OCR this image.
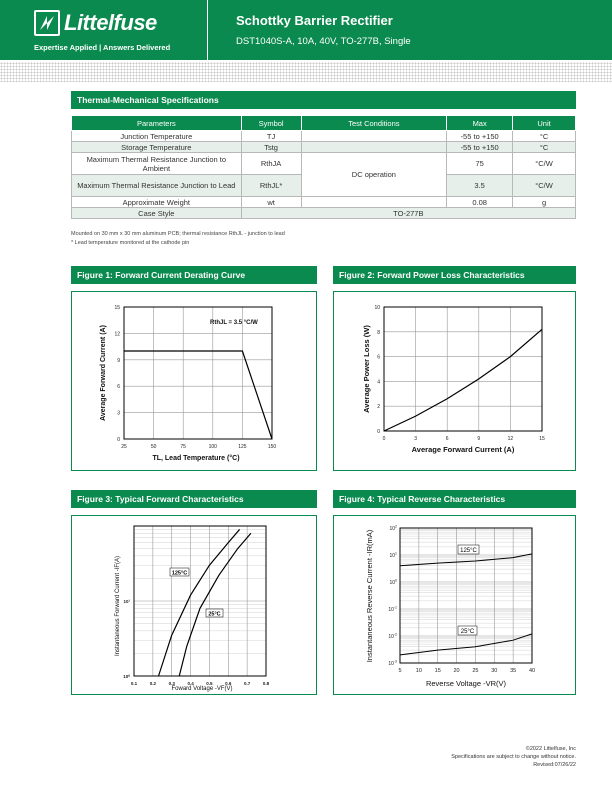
Littelfuse
Expertise Applied | Answers Delivered
Schottky Barrier Rectifier
DST1040S-A, 10A, 40V, TO-277B, Single
Thermal-Mechanical Specifications
Parameters	Symbol	Test Conditions	Max	Unit
Junction Temperature	TJ		-55 to +150	°C
Storage Temperature	Tstg		-55 to +150	°C
Maximum Thermal Resistance Junction to Ambient	RthJA	DC operation	75	°C/W
Maximum Thermal Resistance Junction to Lead	RthJL*		3.5	°C/W
Approximate Weight	wt		0.08	g
Case Style	TO-277B			
Mounted on 30 mm x 30 mm aluminum PCB; thermal resistance RthJL - junction to lead
* Lead temperature monitored at the cathode pin
Figure 1: Forward Current Derating Curve	Figure 2: Forward Power Loss Characteristics
Figure 3: Typical Forward Characteristics	Figure 4: Typical Reverse Characteristics
25	50	75	100	125	150
0
3
6
9
12
15
RthJL = 3.5 °C/W
TL, Lead Temperature (°C)
Average Forward Current (A)
0	3	6	9	12	15
0
2
4
6
8
10
Average Forward Current (A)
Average Power Loss (W)
0.1	0.2	0.3	0.4	0.5	0.6	0.7	0.8
10⁰
10¹
125°C
25°C
Foward Voltage -VF(V)
Instantaneous Forward Current -IF(A)
5	10 15 20 25 30 35 40
$10^{-3}$
$10^{-2}$
$10^{-1}$
$10^0$
$10^1$
$10^2$
125°C
25°C
Reverse Voltage -VR(V)
Instantaneous Reverse Current -IR(mA)
©2022 Littelfuse, Inc
Specifications are subject to change without notice.
Revised:07/26/22
